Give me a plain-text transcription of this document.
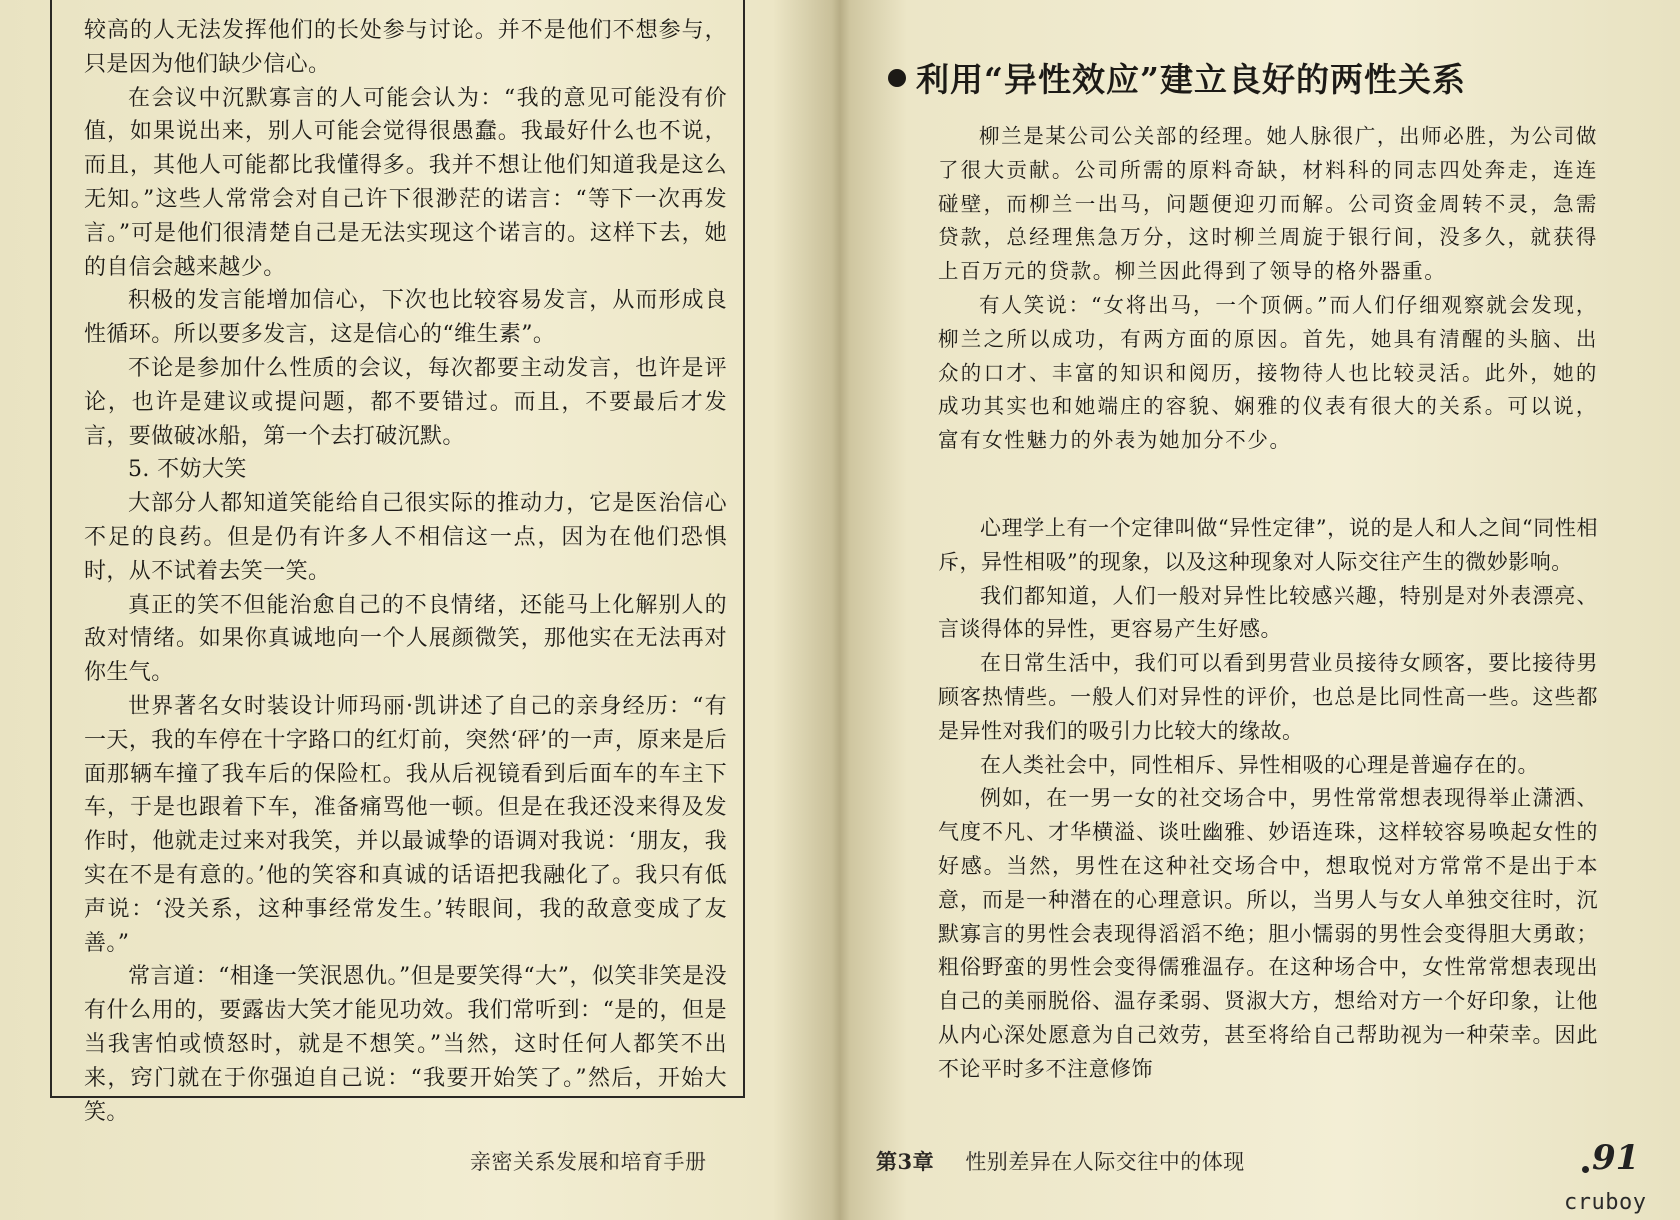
较高的人无法发挥他们的长处参与讨论。并不是他们不想参与，只是因为他们缺少信心。

在会议中沉默寡言的人可能会认为：“我的意见可能没有价值，如果说出来，别人可能会觉得很愚蠢。我最好什么也不说，而且，其他人可能都比我懂得多。我并不想让他们知道我是这么无知。”这些人常常会对自己许下很渺茫的诺言：“等下一次再发言。”可是他们很清楚自己是无法实现这个诺言的。这样下去，她的自信会越来越少。

积极的发言能增加信心，下次也比较容易发言，从而形成良性循环。所以要多发言，这是信心的“维生素”。

不论是参加什么性质的会议，每次都要主动发言，也许是评论，也许是建议或提问题，都不要错过。而且，不要最后才发言，要做破冰船，第一个去打破沉默。

5. 不妨大笑

大部分人都知道笑能给自己很实际的推动力，它是医治信心不足的良药。但是仍有许多人不相信这一点，因为在他们恐惧时，从不试着去笑一笑。

真正的笑不但能治愈自己的不良情绪，还能马上化解别人的敌对情绪。如果你真诚地向一个人展颜微笑，那他实在无法再对你生气。

世界著名女时装设计师玛丽·凯讲述了自己的亲身经历：“有一天，我的车停在十字路口的红灯前，突然‘砰’的一声，原来是后面那辆车撞了我车后的保险杠。我从后视镜看到后面车的车主下车，于是也跟着下车，准备痛骂他一顿。但是在我还没来得及发作时，他就走过来对我笑，并以最诚挚的语调对我说：‘朋友，我实在不是有意的。’他的笑容和真诚的话语把我融化了。我只有低声说：‘没关系，这种事经常发生。’转眼间，我的敌意变成了友善。”

常言道：“相逢一笑泯恩仇。”但是要笑得“大”，似笑非笑是没有什么用的，要露齿大笑才能见功效。我们常听到：“是的，但是当我害怕或愤怒时，就是不想笑。”当然，这时任何人都笑不出来，窍门就在于你强迫自己说：“我要开始笑了。”然后，开始大笑。

亲密关系发展和培育手册
利用“异性效应”建立良好的两性关系

柳兰是某公司公关部的经理。她人脉很广，出师必胜，为公司做了很大贡献。公司所需的原料奇缺，材料科的同志四处奔走，连连碰壁，而柳兰一出马，问题便迎刃而解。公司资金周转不灵，急需贷款，总经理焦急万分，这时柳兰周旋于银行间，没多久，就获得上百万元的贷款。柳兰因此得到了领导的格外器重。

有人笑说：“女将出马，一个顶俩。”而人们仔细观察就会发现，柳兰之所以成功，有两方面的原因。首先，她具有清醒的头脑、出众的口才、丰富的知识和阅历，接物待人也比较灵活。此外，她的成功其实也和她端庄的容貌、娴雅的仪表有很大的关系。可以说，富有女性魅力的外表为她加分不少。

心理学上有一个定律叫做“异性定律”，说的是人和人之间“同性相斥，异性相吸”的现象，以及这种现象对人际交往产生的微妙影响。

我们都知道，人们一般对异性比较感兴趣，特别是对外表漂亮、言谈得体的异性，更容易产生好感。

在日常生活中，我们可以看到男营业员接待女顾客，要比接待男顾客热情些。一般人们对异性的评价，也总是比同性高一些。这些都是异性对我们的吸引力比较大的缘故。

在人类社会中，同性相斥、异性相吸的心理是普遍存在的。

例如，在一男一女的社交场合中，男性常常想表现得举止潇洒、气度不凡、才华横溢、谈吐幽雅、妙语连珠，这样较容易唤起女性的好感。当然，男性在这种社交场合中，想取悦对方常常不是出于本意，而是一种潜在的心理意识。所以，当男人与女人单独交往时，沉默寡言的男性会表现得滔滔不绝；胆小懦弱的男性会变得胆大勇敢；粗俗野蛮的男性会变得儒雅温存。在这种场合中，女性常常想表现出自己的美丽脱俗、温存柔弱、贤淑大方，想给对方一个好印象，让他从内心深处愿意为自己效劳，甚至将给自己帮助视为一种荣幸。因此不论平时多不注意修饰

第3章 性别差异在人际交往中的体现	91
cruboy
